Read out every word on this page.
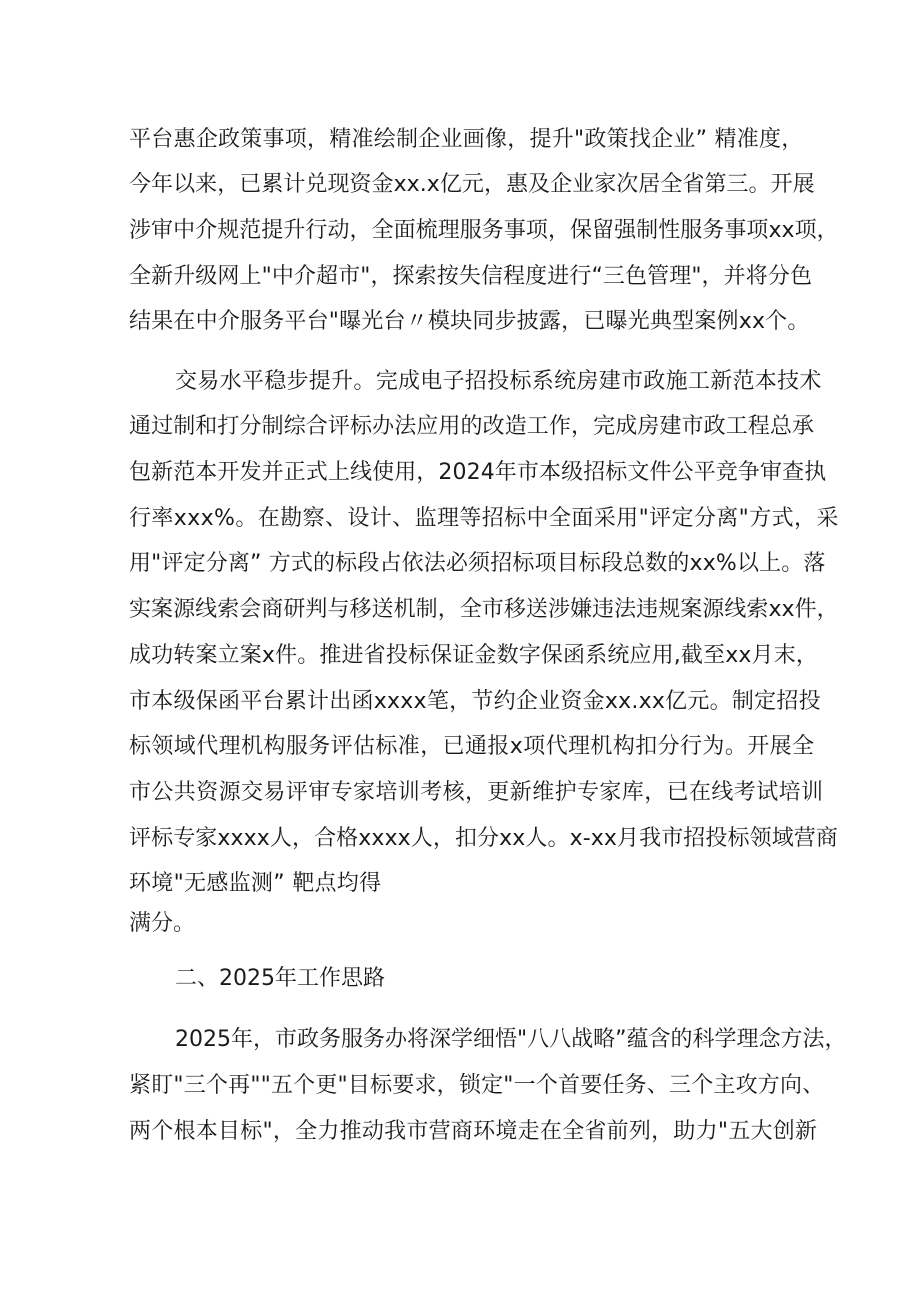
平台惠企政策事项，精准绘制企业画像，提升"政策找企业” 精准度，
今年以来，已累计兑现资金xx.x亿元，惠及企业家次居全省第三。开展
涉审中介规范提升行动，全面梳理服务事项，保留强制性服务事项xx项，
全新升级网上"中介超市"，探索按失信程度进行“三色管理"，并将分色
结果在中介服务平台"曝光台〃模块同步披露，已曝光典型案例xx个。
交易水平稳步提升。完成电子招投标系统房建市政施工新范本技术
通过制和打分制综合评标办法应用的改造工作，完成房建市政工程总承
包新范本开发并正式上线使用，2024年市本级招标文件公平竞争审查执
行率xxx%。在勘察、设计、监理等招标中全面采用"评定分离"方式，采
用"评定分离” 方式的标段占依法必须招标项目标段总数的xx%以上。落
实案源线索会商研判与移送机制，全市移送涉嫌违法违规案源线索xx件，
成功转案立案x件。推进省投标保证金数字保函系统应用,截至xx月末，
市本级保函平台累计出函xxxx笔，节约企业资金xx.xx亿元。制定招投
标领域代理机构服务评估标准，已通报x项代理机构扣分行为。开展全
市公共资源交易评审专家培训考核，更新维护专家库，已在线考试培训
评标专家xxxx人，合格xxxx人，扣分xx人。x-xx月我市招投标领域营商
环境"无感监测” 靶点均得
满分。
二、2025年工作思路
2025年，市政务服务办将深学细悟"八八战略”蕴含的科学理念方法，
紧盯"三个再""五个更"目标要求，锁定"一个首要任务、三个主攻方向、
两个根本目标"，全力推动我市营商环境走在全省前列，助力"五大创新
